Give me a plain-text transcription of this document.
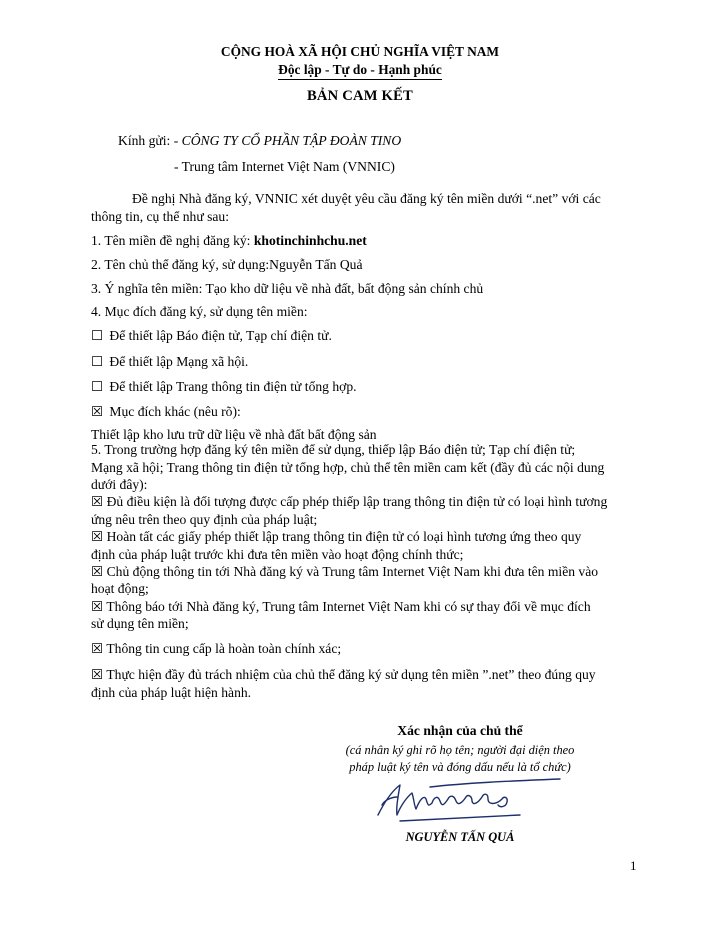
CỘNG HOÀ XÃ HỘI CHỦ NGHĨA VIỆT NAM
Độc lập - Tự do - Hạnh phúc
BẢN CAM KẾT
Kính gửi: - CÔNG TY CỔ PHẦN TẬP ĐOÀN TINO
- Trung tâm Internet Việt Nam (VNNIC)
Đề nghị Nhà đăng ký, VNNIC xét duyệt yêu cầu đăng ký tên miền dưới “.net” với các
thông tin, cụ thể như sau:
1. Tên miền đề nghị đăng ký: khotinchinhchu.net
2. Tên chủ thể đăng ký, sử dụng:Nguyễn Tấn Quả
3. Ý nghĩa tên miền: Tạo kho dữ liệu về nhà đất, bất động sản chính chủ
4. Mục đích đăng ký, sử dụng tên miền:
☐ Để thiết lập Báo điện tử, Tạp chí điện tử.
☐ Để thiết lập Mạng xã hội.
☐ Để thiết lập Trang thông tin điện tử tổng hợp.
☒ Mục đích khác (nêu rõ):
Thiết lập kho lưu trữ dữ liệu về nhà đất bất động sản
5. Trong trường hợp đăng ký tên miền để sử dụng, thiếp lập Báo điện tử; Tạp chí điện tử;
Mạng xã hội; Trang thông tin điện tử tổng hợp, chủ thể tên miền cam kết (đầy đủ các nội dung
dưới đây):
☒ Đủ điều kiện là đối tượng được cấp phép thiếp lập trang thông tin điện tử có loại hình tương
ứng nêu trên theo quy định của pháp luật;
☒ Hoàn tất các giấy phép thiết lập trang thông tin điện tử có loại hình tương ứng theo quy
định của pháp luật trước khi đưa tên miền vào hoạt động chính thức;
☒ Chủ động thông tin tới Nhà đăng ký và Trung tâm Internet Việt Nam khi đưa tên miền vào
hoạt động;
☒ Thông báo tới Nhà đăng ký, Trung tâm Internet Việt Nam khi có sự thay đổi về mục đích
sử dụng tên miền;
☒ Thông tin cung cấp là hoàn toàn chính xác;
☒ Thực hiện đầy đủ trách nhiệm của chủ thể đăng ký sử dụng tên miền ”.net” theo đúng quy
định của pháp luật hiện hành.
Xác nhận của chủ thể
(cá nhân ký ghi rõ họ tên; người đại diện theo
pháp luật ký tên và đóng dấu nếu là tổ chức)
NGUYỄN TẤN QUẢ
1
